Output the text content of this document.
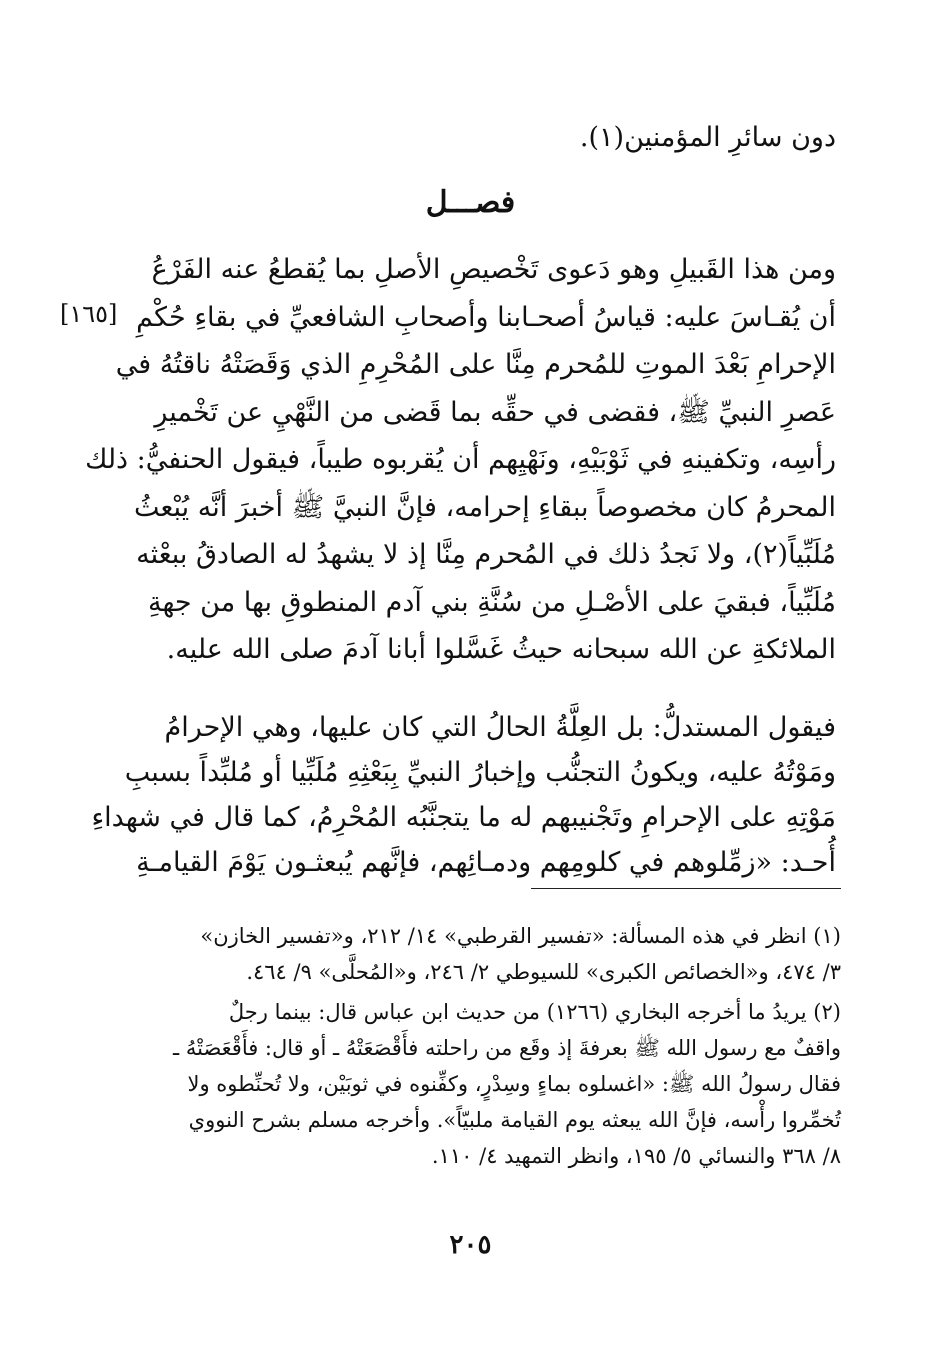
دون سائرِ المؤمنين(١).
فصـــل
[١٦٥]
ومن هذا القَبيلِ وهو دَعوى تَخْصيصِ الأصلِ بما يُقطعُ عنه الفَرْعُ
أن يُقـاسَ عليه: قياسُ أصحـابنا وأصحابِ الشافعيِّ في بقاءِ حُكْمِ
الإحرامِ بَعْدَ الموتِ للمُحرم مِنَّا على المُحْرِمِ الذي وَقَصَتْهُ ناقتُهُ في
عَصرِ النبيِّ ﷺ، فقضى في حقِّه بما قَضى من النَّهْيِ عن تَخْميرِ
رأسِه، وتكفينهِ في ثَوْبَيْهِ، ونَهْيِهم أن يُقربوه طيباً، فيقول الحنفيُّ: ذلك
المحرمُ كان مخصوصاً ببقاءِ إحرامه، فإنَّ النبيَّ ﷺ أخبرَ أنَّه يُبْعثُ
مُلَبِّياً(٢)، ولا نَجدُ ذلك في المُحرم مِنَّا إذ لا يشهدُ له الصادقُ ببعْثه
مُلَبِّياً، فبقيَ على الأصْـلِ من سُنَّةِ بني آدم المنطوقِ بها من جهةِ
الملائكةِ عن الله سبحانه حيثُ غَسَّلوا أبانا آدمَ صلى الله عليه.
فيقول المستدلُّ: بل العِلَّةُ الحالُ التي كان عليها، وهي الإحرامُ
ومَوْتُهُ عليه، ويكونُ التجنُّب وإخبارُ النبيِّ بِبَعْثِهِ مُلَبِّيا أو مُلبِّداً بسببِ
مَوْتِهِ على الإحرامِ وتَجْنيبهم له ما يتجنَّبُه المُحْرِمُ، كما قال في شهداءِ
أُحـد: «زمِّلوهم في كلومِهم ودمـائِهم، فإنَّهم يُبعثـون يَوْمَ القيامـةِ
(١) انظر في هذه المسألة: «تفسير القرطبي» ١٤/ ٢١٢، و«تفسير الخازن»
٣/ ٤٧٤، و«الخصائص الكبرى» للسيوطي ٢/ ٢٤٦، و«المُحلَّى» ٩/ ٤٦٤.
(٢) يريدُ ما أخرجه البخاري (١٢٦٦) من حديث ابن عباس قال: بينما رجلٌ
واقفٌ مع رسول الله ﷺ بعرفةَ إذ وقَع من راحلته فأَقْصَعَتْهُ ـ أو قال: فأَقْعَصَتْهُ ـ
فقال رسولُ الله ﷺ: «اغسلوه بماءٍ وسِدْرٍ، وكفِّنوه في ثوبَيْن، ولا تُحنِّطوه ولا
تُخمِّروا رأْسه، فإنَّ الله يبعثه يوم القيامة ملبيّاً». وأخرجه مسلم بشرح النووي
٨/ ٣٦٨ والنسائي ٥/ ١٩٥، وانظر التمهيد ٤/ ١١٠.
٢٠٥
